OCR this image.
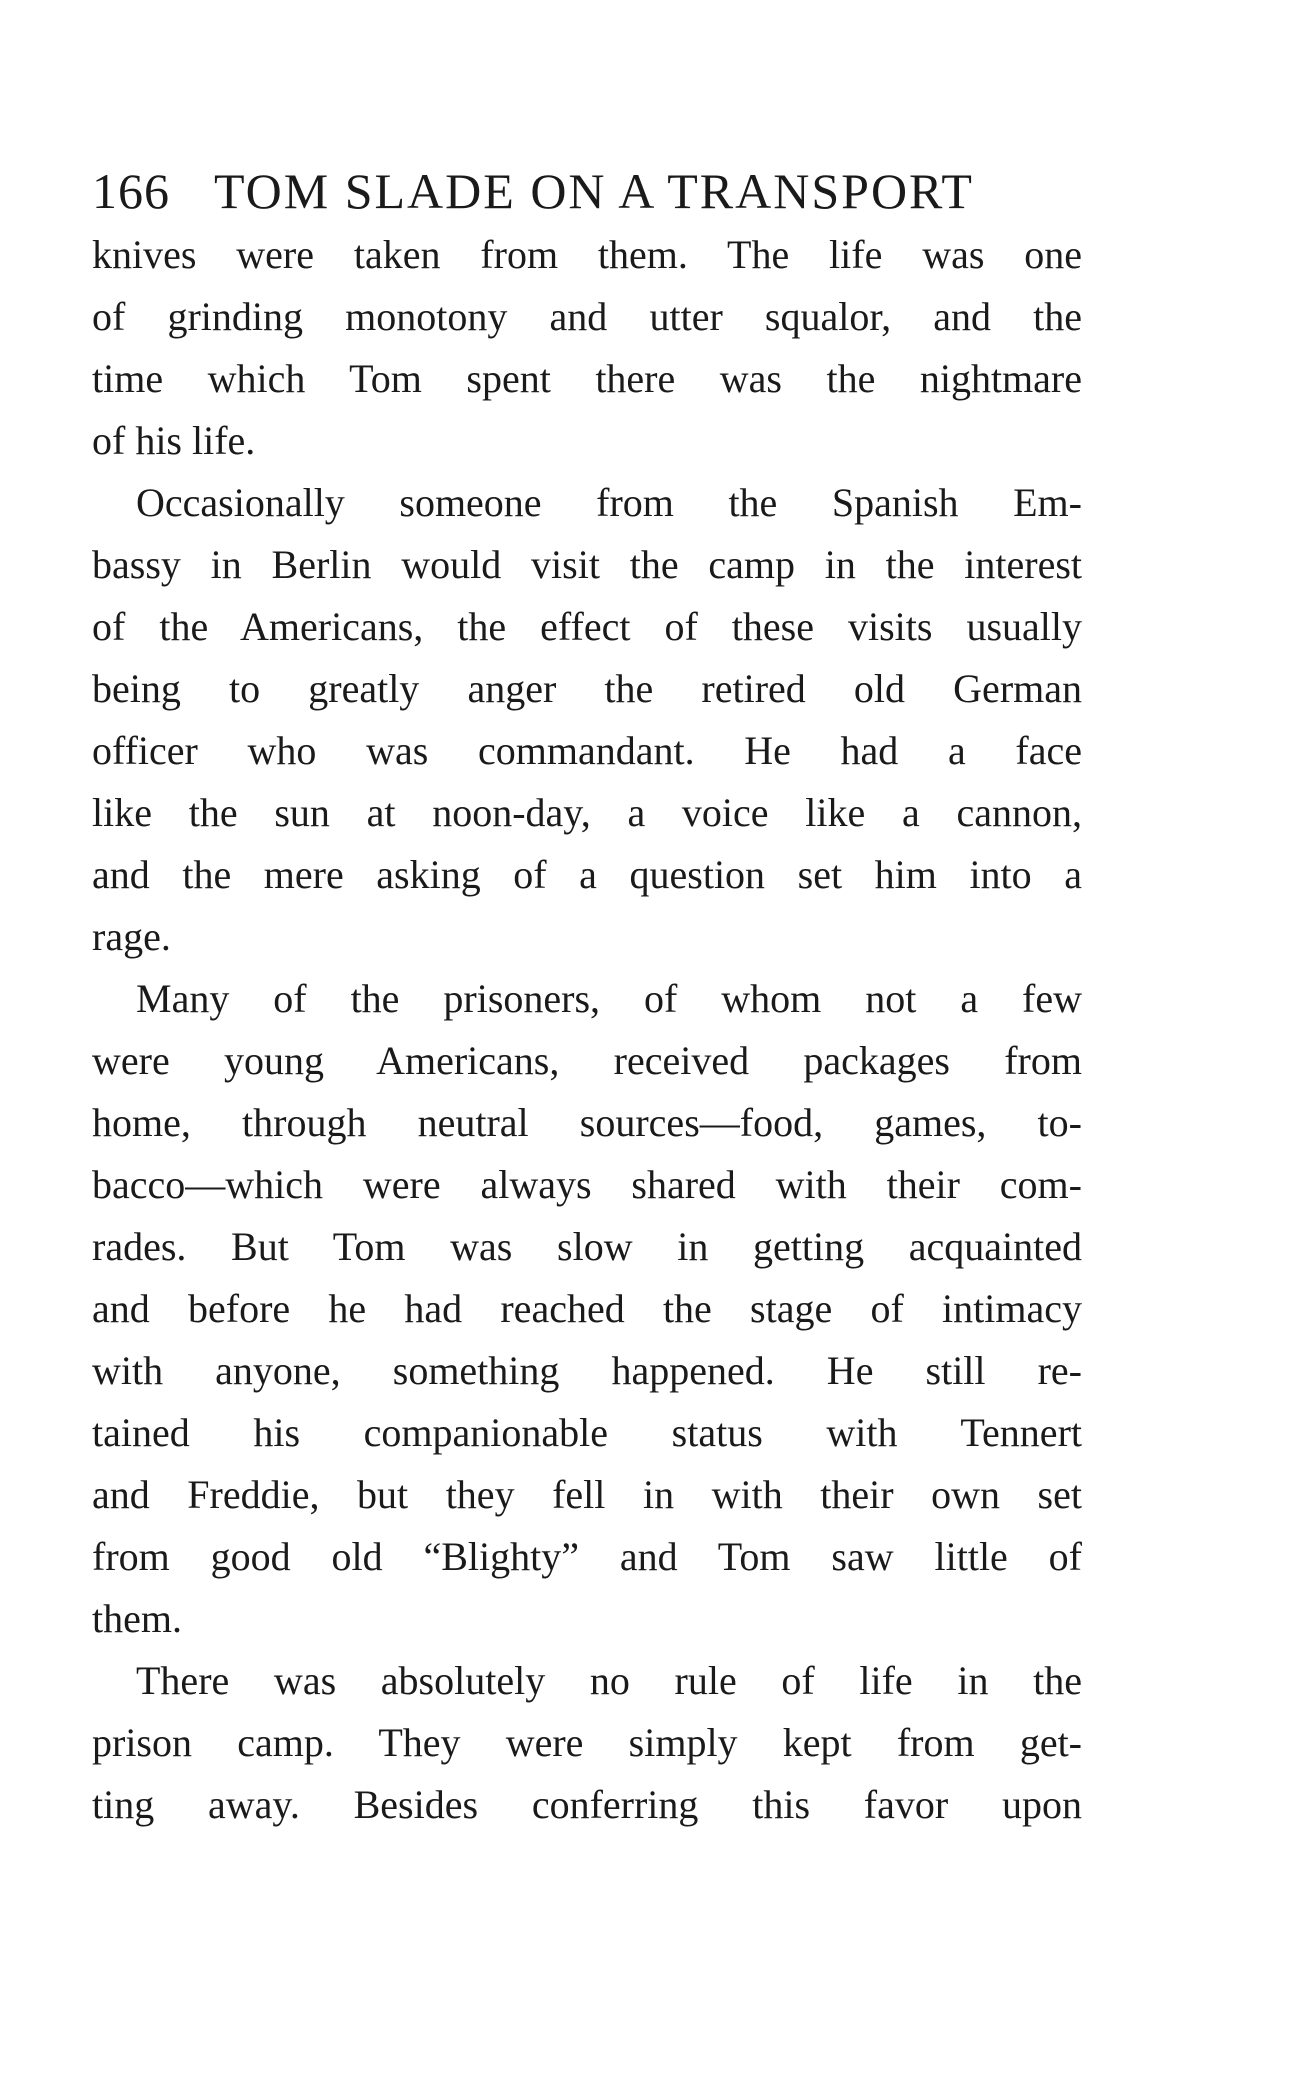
166 TOM SLADE ON A TRANSPORT
knives were taken from them. The life was one
of grinding monotony and utter squalor, and the
time which Tom spent there was the nightmare
of his life.
Occasionally someone from the Spanish Em-
bassy in Berlin would visit the camp in the interest
of the Americans, the effect of these visits usually
being to greatly anger the retired old German
officer who was commandant. He had a face
like the sun at noon-day, a voice like a cannon,
and the mere asking of a question set him into a
rage.
Many of the prisoners, of whom not a few
were young Americans, received packages from
home, through neutral sources—food, games, to-
bacco—which were always shared with their com-
rades. But Tom was slow in getting acquainted
and before he had reached the stage of intimacy
with anyone, something happened. He still re-
tained his companionable status with Tennert
and Freddie, but they fell in with their own set
from good old “Blighty” and Tom saw little of
them.
There was absolutely no rule of life in the
prison camp. They were simply kept from get-
ting away. Besides conferring this favor upon
